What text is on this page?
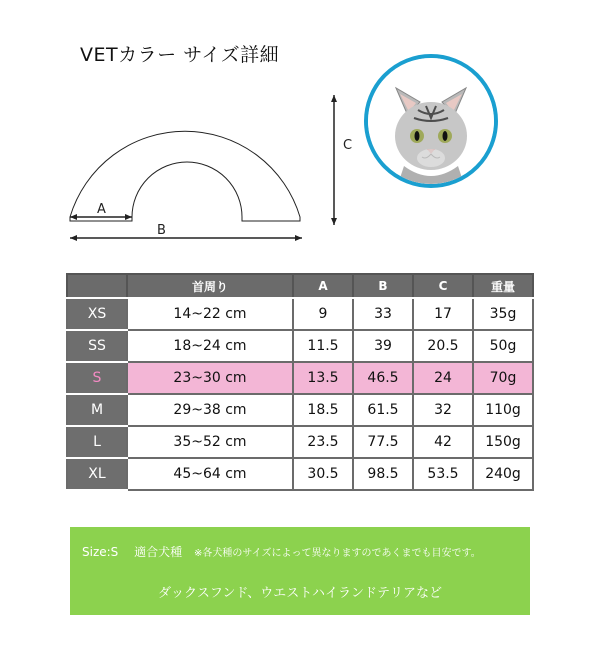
VETカラー サイズ詳細
A
B
C
	首周り	A	B	C	重量
XS	14~22 cm	9	33	17	35g
SS	18~24 cm	11.5	39	20.5	50g
S	23~30 cm	13.5	46.5	24	70g
M	29~38 cm	18.5	61.5	32	110g
L	35~52 cm	23.5	77.5	42	150g
XL	45~64 cm	30.5	98.5	53.5	240g
Size:S 適合犬種 ※各犬種のサイズによって異なりますのであくまでも目安です。
ダックスフンド、ウエストハイランドテリアなど
